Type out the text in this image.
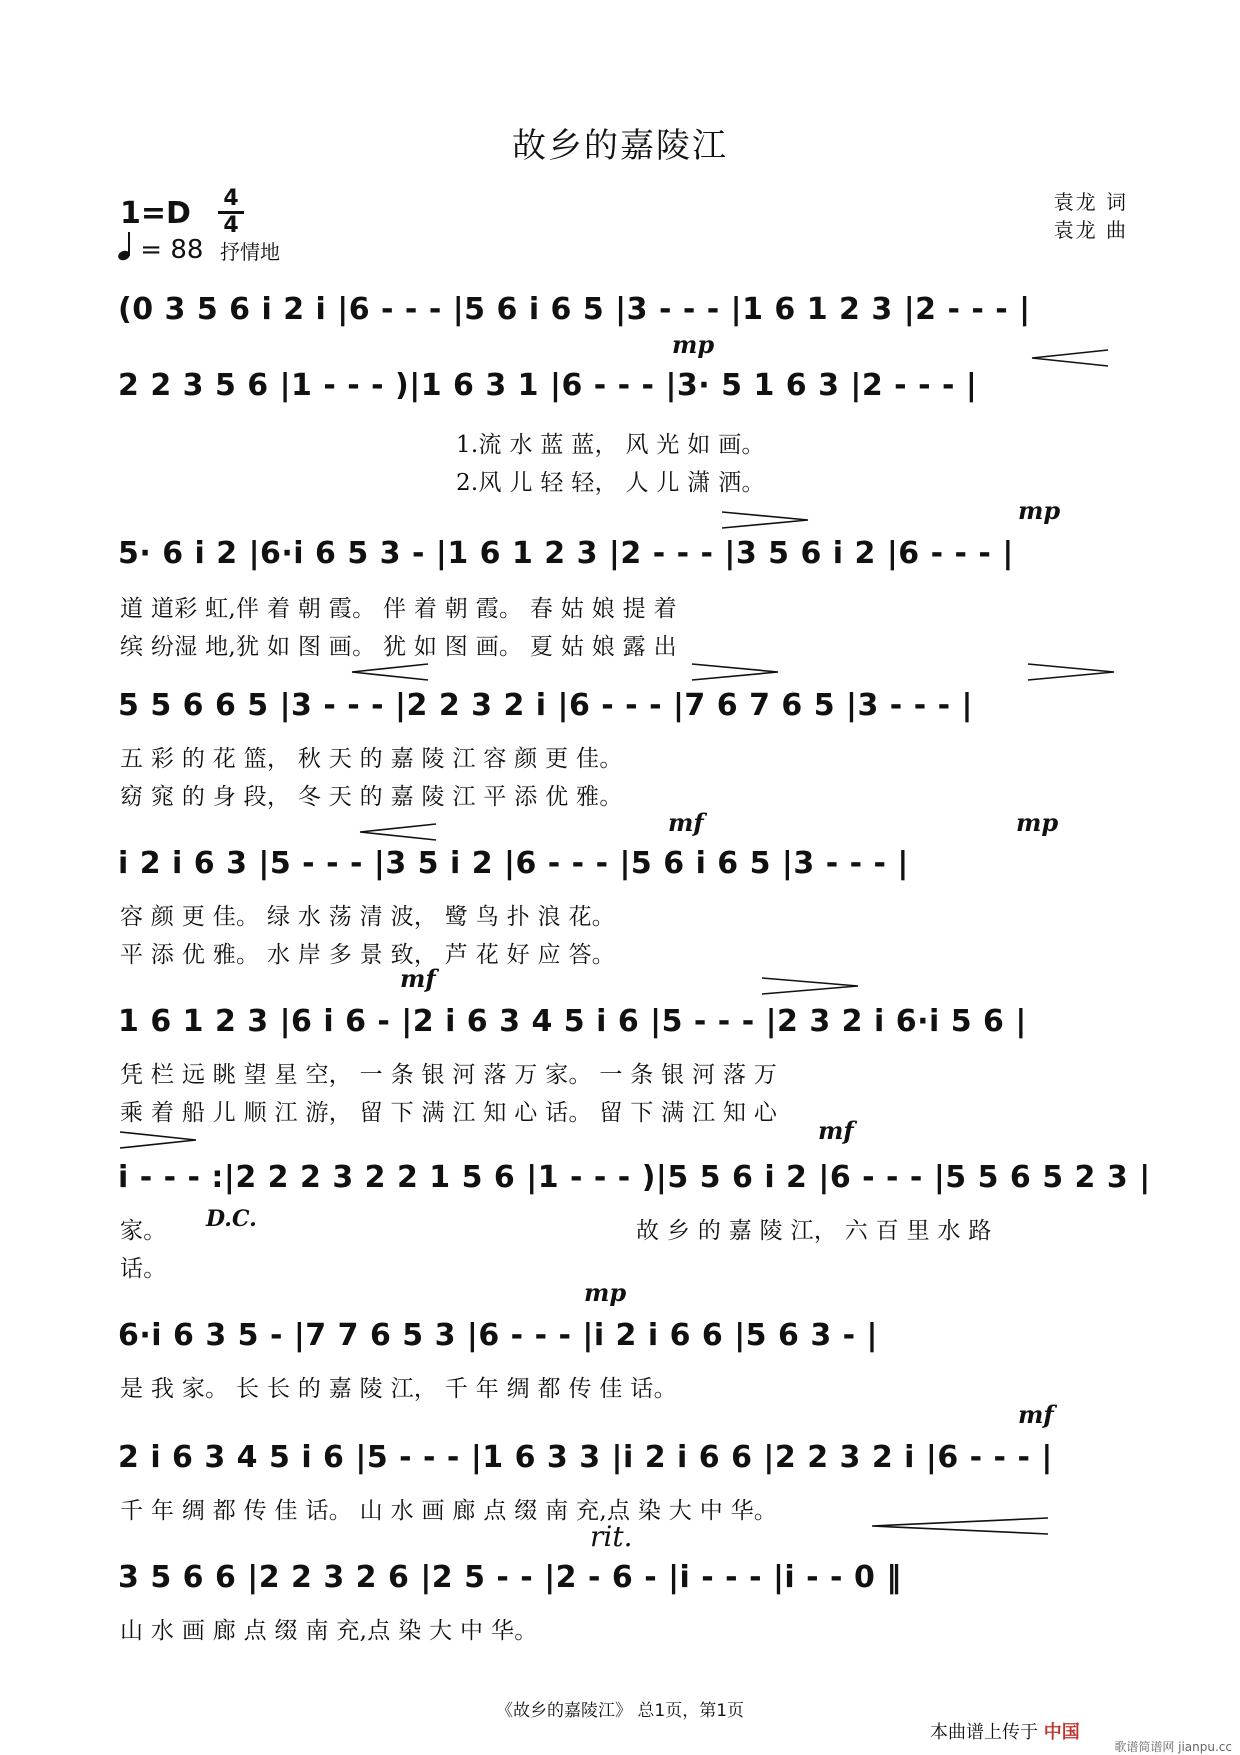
故乡的嘉陵江
1=D 4
4
= 88 抒情地
袁龙 词
袁龙 曲
(0 3 5 6 i 2 i |6 - - - |5 6 i 6 5 |3 - - - |1 6 1 2 3 |2 - - - |
2 2 3 5 6 |1 - - - )|1 6 3 1 |6 - - - |3· 5 1 6 3 |2 - - - |
mp
1.流 水 蓝 蓝， 风 光 如 画。
2.风 儿 轻 轻， 人 儿 潇 洒。
5· 6 i 2 |6·i 6 5 3 - |1 6 1 2 3 |2 - - - |3 5 6 i 2 |6 - - - |
mp
道 道彩 虹,伴 着 朝 霞。 伴 着 朝 霞。 春 姑 娘 提 着
缤 纷湿 地,犹 如 图 画。 犹 如 图 画。 夏 姑 娘 露 出
5 5 6 6 5 |3 - - - |2 2 3 2 i |6 - - - |7 6 7 6 5 |3 - - - |
五 彩 的 花 篮， 秋 天 的 嘉 陵 江 容 颜 更 佳。
窈 窕 的 身 段， 冬 天 的 嘉 陵 江 平 添 优 雅。
i 2 i 6 3 |5 - - - |3 5 i 2 |6 - - - |5 6 i 6 5 |3 - - - |
mf	mp
容 颜 更 佳。 绿 水 荡 清 波， 鹭 鸟 扑 浪 花。
平 添 优 雅。 水 岸 多 景 致， 芦 花 好 应 答。
1 6 1 2 3 |6 i 6 - |2 i 6 3 4 5 i 6 |5 - - - |2 3 2 i 6·i 5 6 |
mf
凭 栏 远 眺 望 星 空， 一 条 银 河 落 万 家。 一 条 银 河 落 万
乘 着 船 儿 顺 江 游， 留 下 满 江 知 心 话。 留 下 满 江 知 心
i - - - :|2 2 2 3 2 2 1 5 6 |1 - - - )|5 5 6 i 2 |6 - - - |5 5 6 5 2 3 |
mf
家。 D.C.	故 乡 的 嘉 陵 江， 六 百 里 水 路
话。
6·i 6 3 5 - |7 7 6 5 3 |6 - - - |i 2 i 6 6 |5 6 3 - |
mp
是 我 家。 长 长 的 嘉 陵 江， 千 年 绸 都 传 佳 话。
2 i 6 3 4 5 i 6 |5 - - - |1 6 3 3 |i 2 i 6 6 |2 2 3 2 i |6 - - - |
mf
千 年 绸 都 传 佳 话。 山 水 画 廊 点 缀 南 充,点 染 大 中 华。
rit.
3 5 6 6 |2 2 3 2 6 |2 5 - - |2 - 6 - |i - - - |i - - 0 ‖
山 水 画 廊 点 缀 南 充,点 染 大 中 华。
《故乡的嘉陵江》 总1页，第1页
本曲谱上传于 中国
歌谱简谱网 jianpu.cc
